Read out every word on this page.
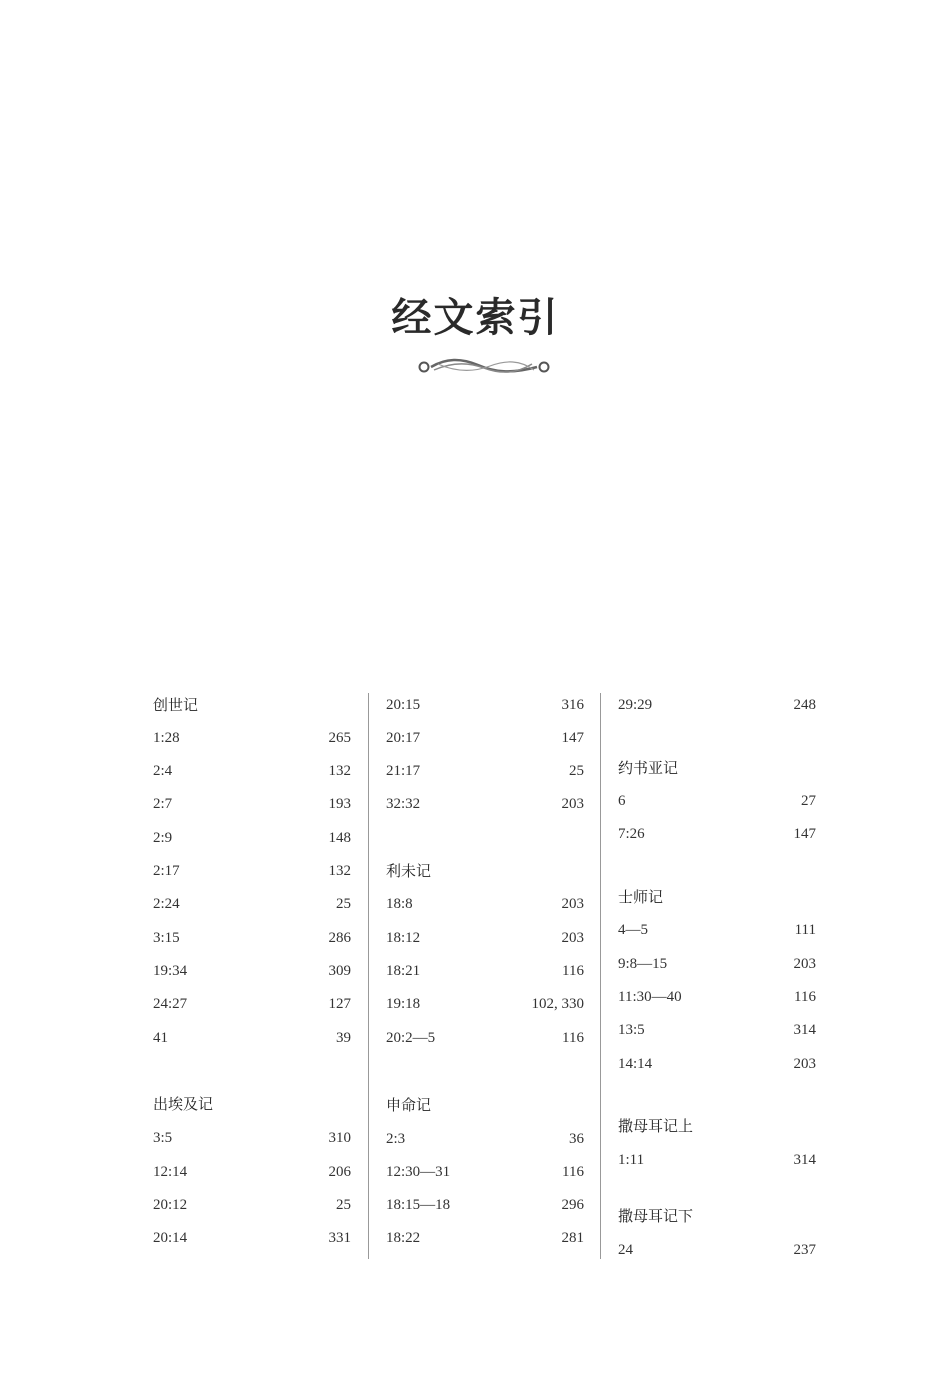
经文索引
创世记
1:28	265
2:4	132
2:7	193
2:9	148
2:17	132
2:24	25
3:15	286
19:34	309
24:27	127
41	39
出埃及记
3:5	310
12:14	206
20:12	25
20:14	331
20:15	316
20:17	147
21:17	25
32:32	203
利未记
18:8	203
18:12	203
18:21	116
19:18	102, 330
20:2—5	116
申命记
2:3	36
12:30—31	116
18:15—18	296
18:22	281
29:29	248
约书亚记
6	27
7:26	147
士师记
4—5	111
9:8—15	203
11:30—40	116
13:5	314
14:14	203
撒母耳记上
1:11	314
撒母耳记下
24	237
